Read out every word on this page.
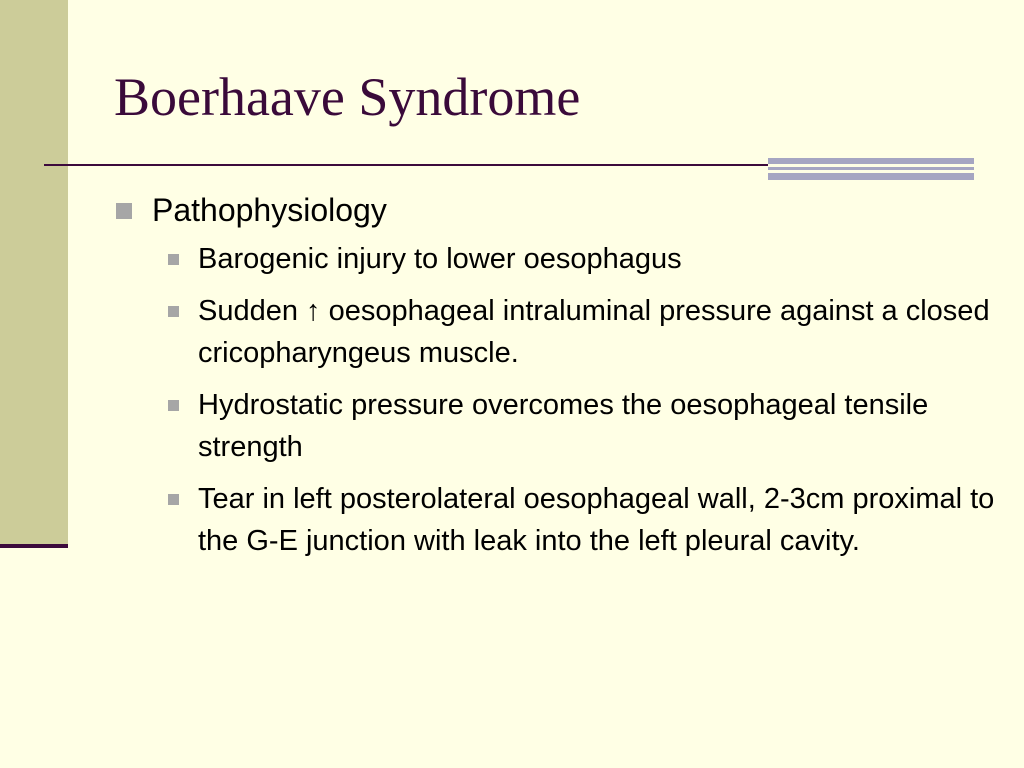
Boerhaave Syndrome
Pathophysiology
Barogenic injury to lower oesophagus
Sudden ↑ oesophageal intraluminal pressure against a closed cricopharyngeus muscle.
Hydrostatic pressure overcomes the oesophageal tensile strength
Tear in left posterolateral oesophageal wall, 2-3cm proximal to the G-E junction with leak into the left pleural cavity.
